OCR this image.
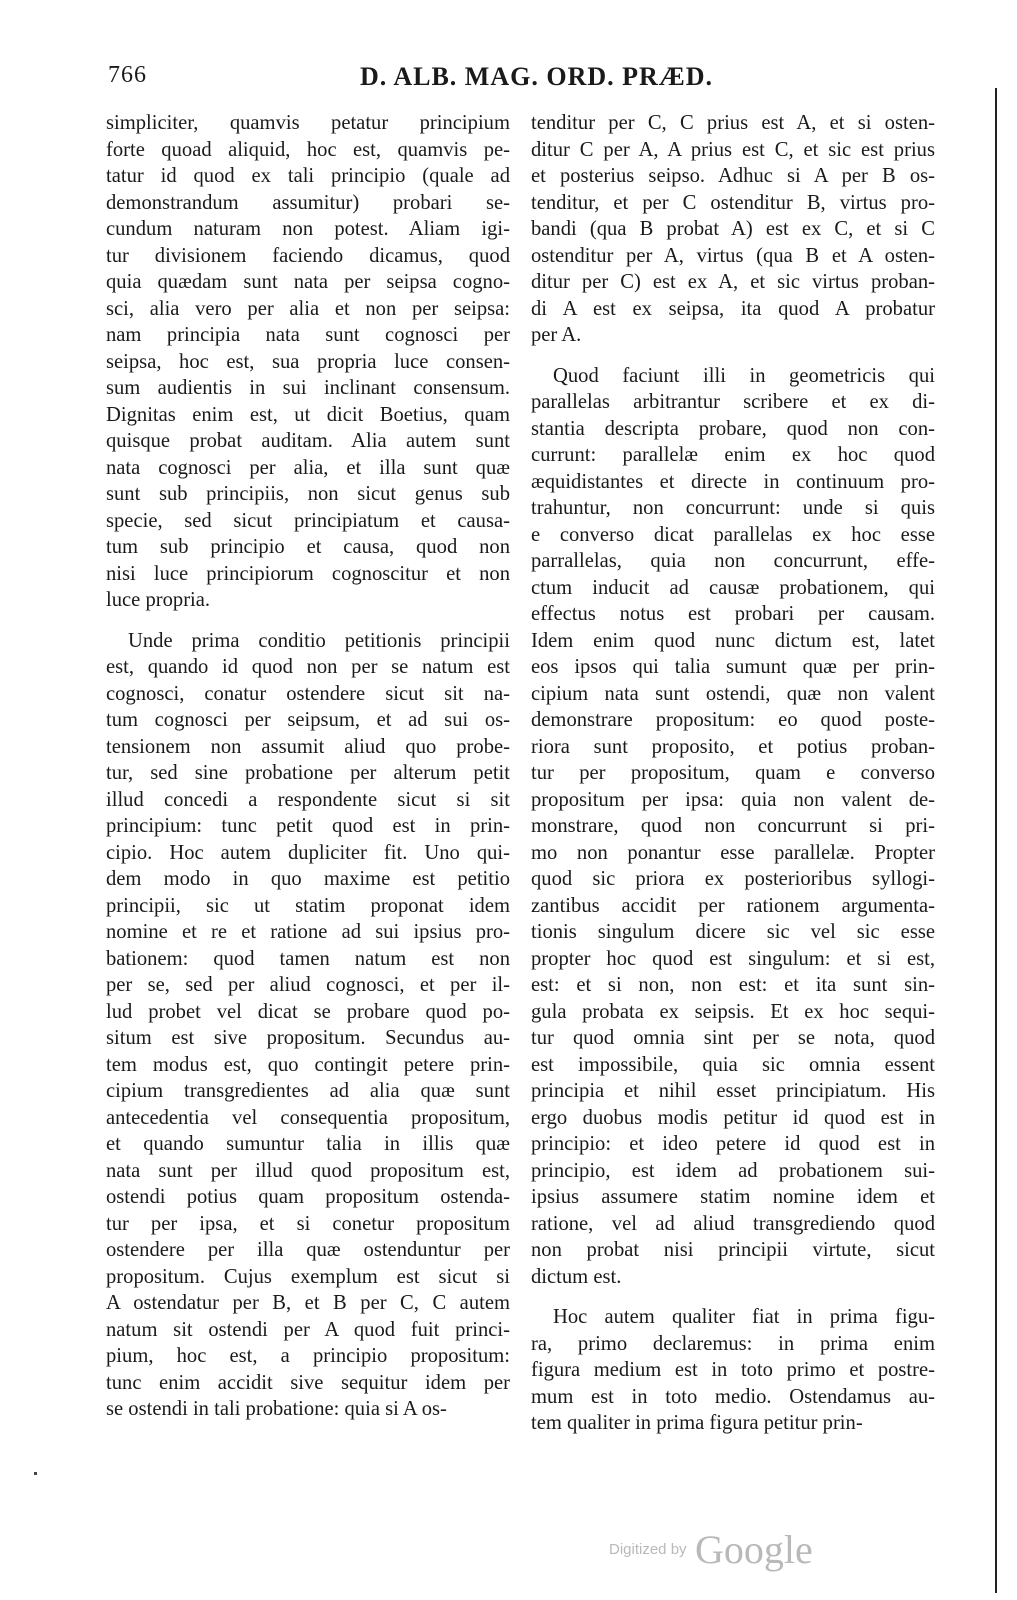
766	D. ALB. MAG. ORD. PRÆD.
simpliciter, quamvis petatur principium
forte quoad aliquid, hoc est, quamvis pe-
tatur id quod ex tali principio (quale ad
demonstrandum assumitur) probari se-
cundum naturam non potest. Aliam igi-
tur divisionem faciendo dicamus, quod
quia quædam sunt nata per seipsa cogno-
sci, alia vero per alia et non per seipsa:
nam principia nata sunt cognosci per
seipsa, hoc est, sua propria luce consen-
sum audientis in sui inclinant consensum.
Dignitas enim est, ut dicit Boetius, quam
quisque probat auditam. Alia autem sunt
nata cognosci per alia, et illa sunt quæ
sunt sub principiis, non sicut genus sub
specie, sed sicut principiatum et causa-
tum sub principio et causa, quod non
nisi luce principiorum cognoscitur et non
luce propria.
Unde prima conditio petitionis principii
est, quando id quod non per se natum est
cognosci, conatur ostendere sicut sit na-
tum cognosci per seipsum, et ad sui os-
tensionem non assumit aliud quo probe-
tur, sed sine probatione per alterum petit
illud concedi a respondente sicut si sit
principium: tunc petit quod est in prin-
cipio. Hoc autem dupliciter fit. Uno qui-
dem modo in quo maxime est petitio
principii, sic ut statim proponat idem
nomine et re et ratione ad sui ipsius pro-
bationem: quod tamen natum est non
per se, sed per aliud cognosci, et per il-
lud probet vel dicat se probare quod po-
situm est sive propositum. Secundus au-
tem modus est, quo contingit petere prin-
cipium transgredientes ad alia quæ sunt
antecedentia vel consequentia propositum,
et quando sumuntur talia in illis quæ
nata sunt per illud quod propositum est,
ostendi potius quam propositum ostenda-
tur per ipsa, et si conetur propositum
ostendere per illa quæ ostenduntur per
propositum. Cujus exemplum est sicut si
A ostendatur per B, et B per C, C autem
natum sit ostendi per A quod fuit princi-
pium, hoc est, a principio propositum:
tunc enim accidit sive sequitur idem per
se ostendi in tali probatione: quia si A os-
tenditur per C, C prius est A, et si osten-
ditur C per A, A prius est C, et sic est prius
et posterius seipso. Adhuc si A per B os-
tenditur, et per C ostenditur B, virtus pro-
bandi (qua B probat A) est ex C, et si C
ostenditur per A, virtus (qua B et A osten-
ditur per C) est ex A, et sic virtus proban-
di A est ex seipsa, ita quod A probatur
per A.
Quod faciunt illi in geometricis qui
parallelas arbitrantur scribere et ex di-
stantia descripta probare, quod non con-
currunt: parallelæ enim ex hoc quod
æquidistantes et directe in continuum pro-
trahuntur, non concurrunt: unde si quis
e converso dicat parallelas ex hoc esse
parrallelas, quia non concurrunt, effe-
ctum inducit ad causæ probationem, qui
effectus notus est probari per causam.
Idem enim quod nunc dictum est, latet
eos ipsos qui talia sumunt quæ per prin-
cipium nata sunt ostendi, quæ non valent
demonstrare propositum: eo quod poste-
riora sunt proposito, et potius proban-
tur per propositum, quam e converso
propositum per ipsa: quia non valent de-
monstrare, quod non concurrunt si pri-
mo non ponantur esse parallelæ. Propter
quod sic priora ex posterioribus syllogi-
zantibus accidit per rationem argumenta-
tionis singulum dicere sic vel sic esse
propter hoc quod est singulum: et si est,
est: et si non, non est: et ita sunt sin-
gula probata ex seipsis. Et ex hoc sequi-
tur quod omnia sint per se nota, quod
est impossibile, quia sic omnia essent
principia et nihil esset principiatum. His
ergo duobus modis petitur id quod est in
principio: et ideo petere id quod est in
principio, est idem ad probationem sui-
ipsius assumere statim nomine idem et
ratione, vel ad aliud transgrediendo quod
non probat nisi principii virtute, sicut
dictum est.
Hoc autem qualiter fiat in prima figu-
ra, primo declaremus: in prima enim
figura medium est in toto primo et postre-
mum est in toto medio. Ostendamus au-
tem qualiter in prima figura petitur prin-
Digitized by Google
